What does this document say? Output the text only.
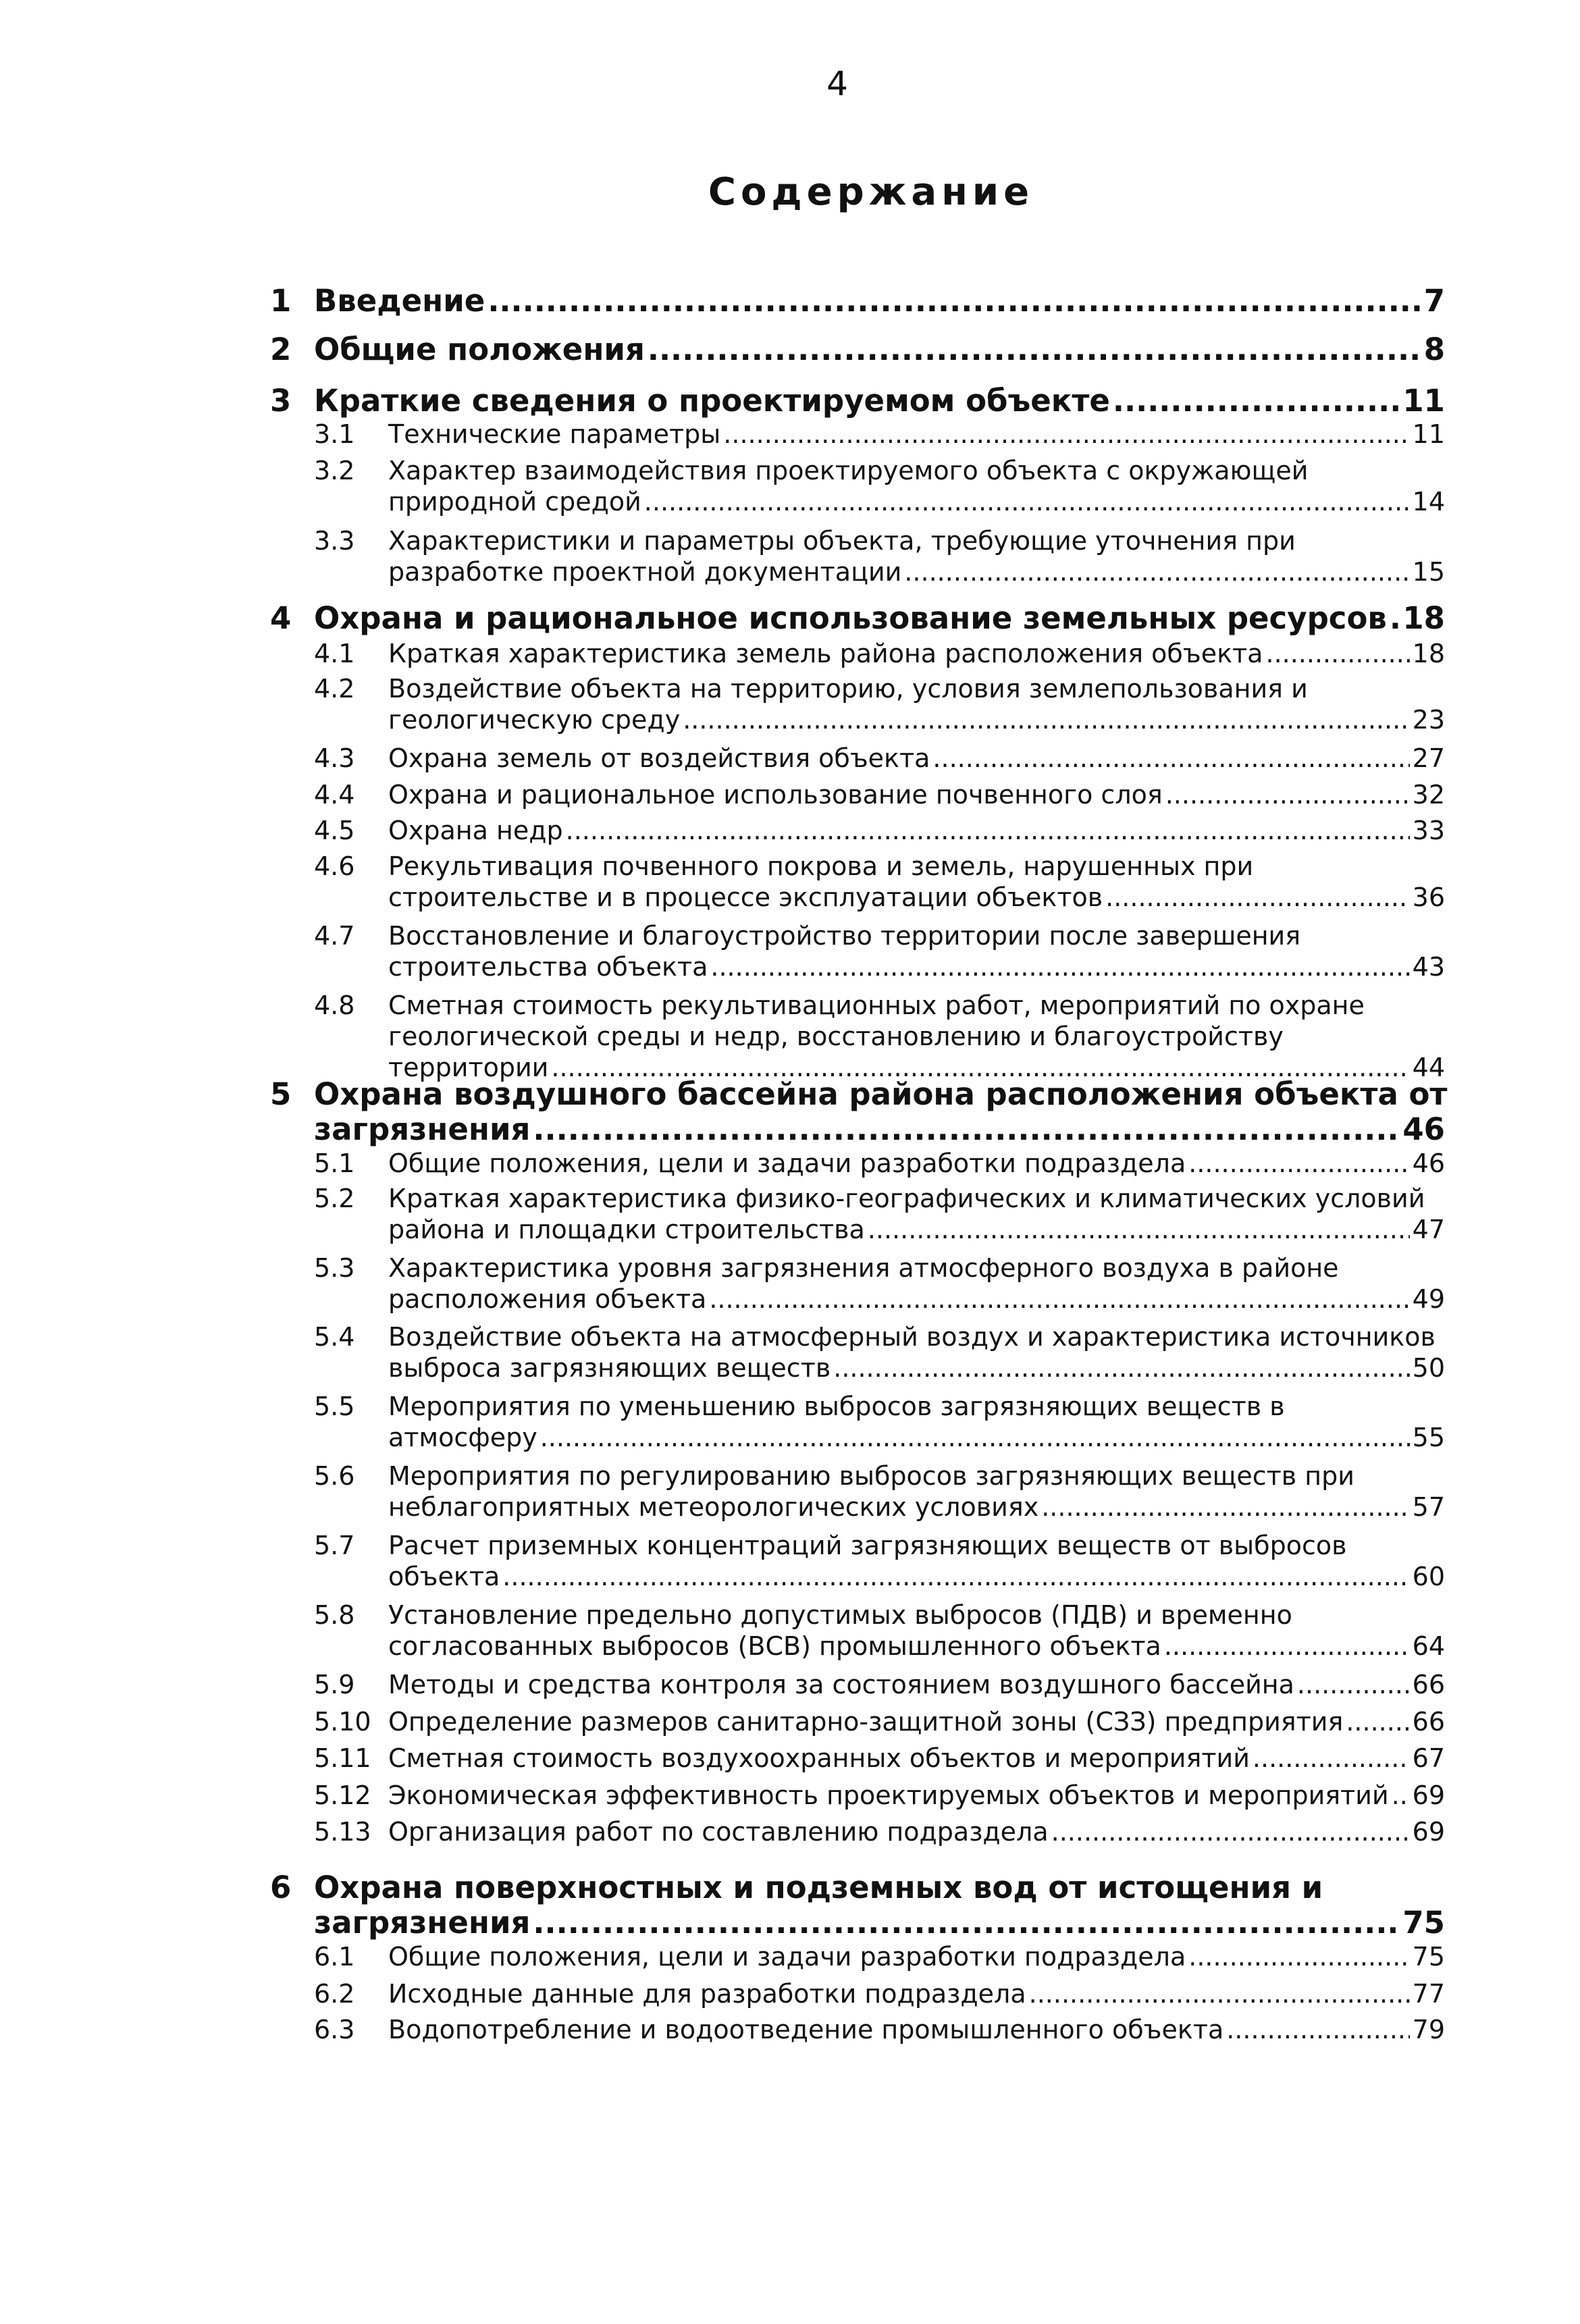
4
Содержание
1 Введение .....	7
2 Общие положения .....	8
3 Краткие сведения о проектируемом объекте .....	11
3.1 Технические параметры .....	11
3.2 Характер взаимодействия проектируемого объекта с окружающей
природной средой .....	14
3.3 Характеристики и параметры объекта, требующие уточнения при
разработке проектной документации .....	15
4 Охрана и рациональное использование земельных ресурсов ..... 18
4.1 Краткая характеристика земель района расположения объекта .....	18
4.2 Воздействие объекта на территорию, условия землепользования и
геологическую среду .....	23
4.3 Охрана земель от воздействия объекта .....	27
4.4 Охрана и рациональное использование почвенного слоя .....	32
4.5 Охрана недр .....	33
4.6 Рекультивация почвенного покрова и земель, нарушенных при
строительстве и в процессе эксплуатации объектов .....	36
4.7 Восстановление и благоустройство территории после завершения
строительства объекта .....	43
4.8 Сметная стоимость рекультивационных работ, мероприятий по охране
геологической среды и недр, восстановлению и благоустройству
территории .....	44
5 Охрана воздушного бассейна района расположения объекта от
загрязнения .....	46
5.1 Общие положения, цели и задачи разработки подраздела .....	46
5.2 Краткая характеристика физико-географических и климатических условий
района и площадки строительства .....	47
5.3 Характеристика уровня загрязнения атмосферного воздуха в районе
расположения объекта .....	49
5.4 Воздействие объекта на атмосферный воздух и характеристика источников
выброса загрязняющих веществ .....	50
5.5 Мероприятия по уменьшению выбросов загрязняющих веществ в
атмосферу .....	55
5.6 Мероприятия по регулированию выбросов загрязняющих веществ при
неблагоприятных метеорологических условиях .....	57
5.7 Расчет приземных концентраций загрязняющих веществ от выбросов
объекта .....	60
5.8 Установление предельно допустимых выбросов (ПДВ) и временно
согласованных выбросов (ВСВ) промышленного объекта .....	64
5.9 Методы и средства контроля за состоянием воздушного бассейна .....	66
5.10 Определение размеров санитарно-защитной зоны (СЗЗ) предприятия .....	66
5.11 Сметная стоимость воздухоохранных объектов и мероприятий .....	67
5.12 Экономическая эффективность проектируемых объектов и мероприятий ..... 69
5.13 Организация работ по составлению подраздела .....	69
6 Охрана поверхностных и подземных вод от истощения и
загрязнения .....	75
6.1 Общие положения, цели и задачи разработки подраздела .....	75
6.2 Исходные данные для разработки подраздела .....	77
6.3 Водопотребление и водоотведение промышленного объекта .....	79
